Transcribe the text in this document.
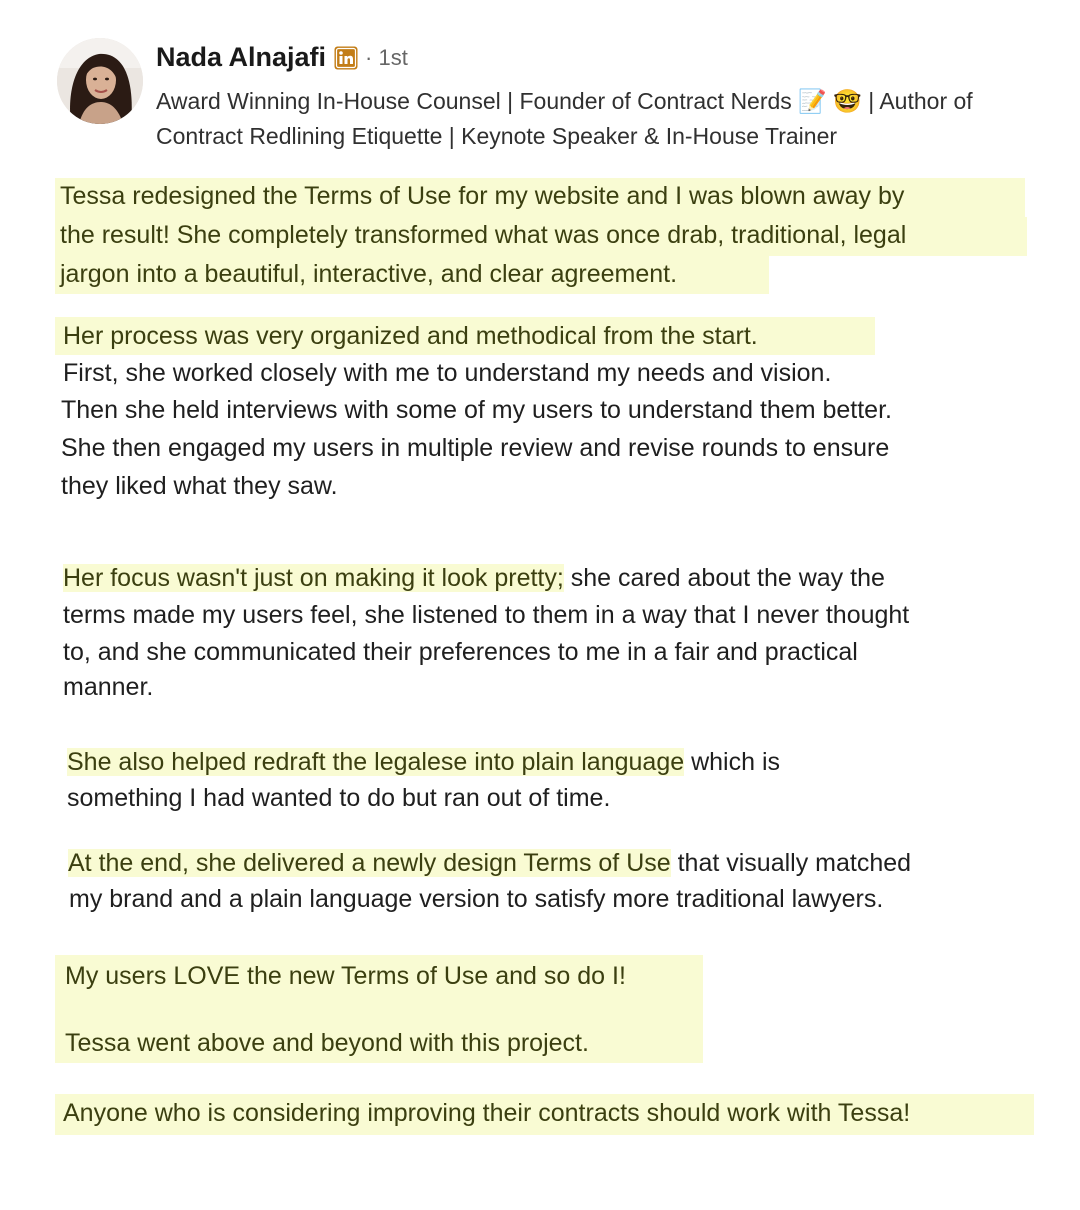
Nada Alnajafi · 1st
Award Winning In-House Counsel | Founder of Contract Nerds 📝 🤓 | Author of Contract Redlining Etiquette | Keynote Speaker & In-House Trainer
Tessa redesigned the Terms of Use for my website and I was blown away by
the result! She completely transformed what was once drab, traditional, legal
jargon into a beautiful, interactive, and clear agreement.
Her process was very organized and methodical from the start.
First, she worked closely with me to understand my needs and vision.
Then she held interviews with some of my users to understand them better.
She then engaged my users in multiple review and revise rounds to ensure
they liked what they saw.
Her focus wasn't just on making it look pretty; she cared about the way the
terms made my users feel, she listened to them in a way that I never thought
to, and she communicated their preferences to me in a fair and practical
manner.
She also helped redraft the legalese into plain language which is
something I had wanted to do but ran out of time.
At the end, she delivered a newly design Terms of Use that visually matched
my brand and a plain language version to satisfy more traditional lawyers.
My users LOVE the new Terms of Use and so do I!
Tessa went above and beyond with this project.
Anyone who is considering improving their contracts should work with Tessa!
